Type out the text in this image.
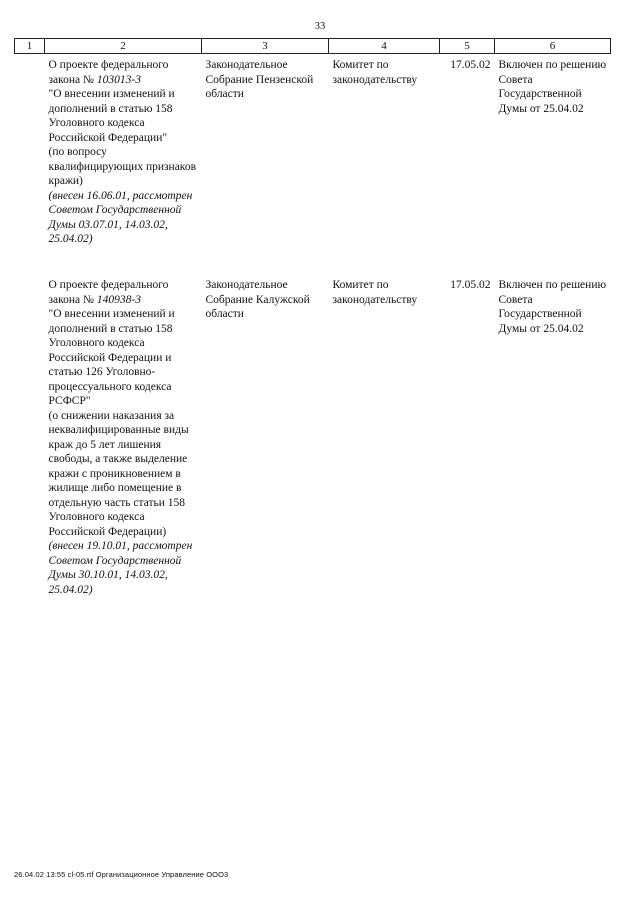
33
1	2	3	4	5	6
	О проекте федерального закона № 103013-3
"О внесении изменений и дополнений в статью 158 Уголовного кодекса Российской Федерации"
(по вопросу квалифицирующих признаков кражи)
(внесен 16.06.01, рассмотрен Советом Государственной Думы 03.07.01, 14.03.02, 25.04.02)	Законодательное Собрание Пензенской области	Комитет по законодательству	17.05.02	Включен по решению Совета Государственной Думы от 25.04.02
	О проекте федерального закона № 140938-3
"О внесении изменений и дополнений в статью 158 Уголовного кодекса Российской Федерации и статью 126 Уголовно-процессуального кодекса РСФСР"
(о снижении наказания за неквалифицированные виды краж до 5 лет лишения свободы, а также выделение кражи с проникновением в жилище либо помещение в отдельную часть статьи 158 Уголовного кодекса Российской Федерации)
(внесен 19.10.01, рассмотрен Советом Государственной Думы 30.10.01, 14.03.02, 25.04.02)	Законодательное Собрание Калужской области	Комитет по законодательству	17.05.02	Включен по решению Совета Государственной Думы от 25.04.02
26.04.02 13:55 cl-05.rtf Организационное Управление ООО3
